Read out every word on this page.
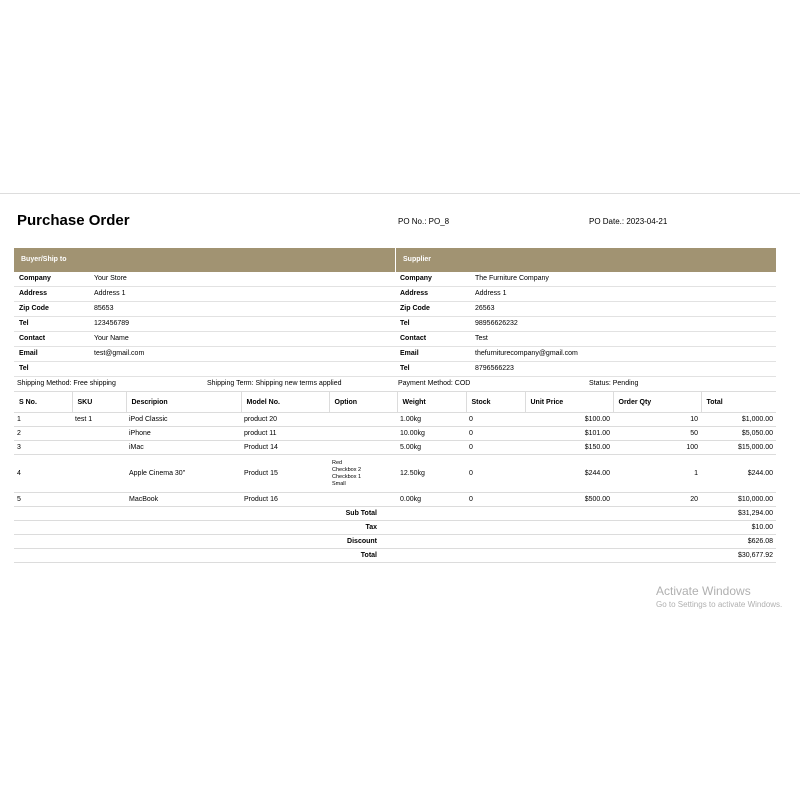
Purchase Order	PO No.: PO_8	PO Date.: 2023-04-21
Buyer/Ship to
Company	Your Store
Address	Address 1
Zip Code	85653
Tel	123456789
Contact	Your Name
Email	test@gmail.com
Tel
Supplier
Company	The Furniture Company
Address	Address 1
Zip Code	26563
Tel	98956626232
Contact	Test
Email	thefurniturecompany@gmail.com
Tel	8796566223
Shipping Method: Free shipping	Shipping Term: Shipping new terms applied	Payment Method: COD	Status: Pending
S No.	SKU	Descripion	Model No.	Option	Weight	Stock	Unit Price	Order Qty	Total
1	test 1	iPod Classic	product 20		1.00kg	0	$100.00	10	$1,000.00
2		iPhone	product 11		10.00kg	0	$101.00	50	$5,050.00
3		iMac	Product 14		5.00kg	0	$150.00	100	$15,000.00
4		Apple Cinema 30"	Product 15	Red
Checkbox 2
Checkbox 1
Small	12.50kg	0	$244.00	1	$244.00
5		MacBook	Product 16		0.00kg	0	$500.00	20	$10,000.00
Sub Total	$31,294.00
Tax	$10.00
Discount	$626.08
Total	$30,677.92
Activate Windows
Go to Settings to activate Windows.
